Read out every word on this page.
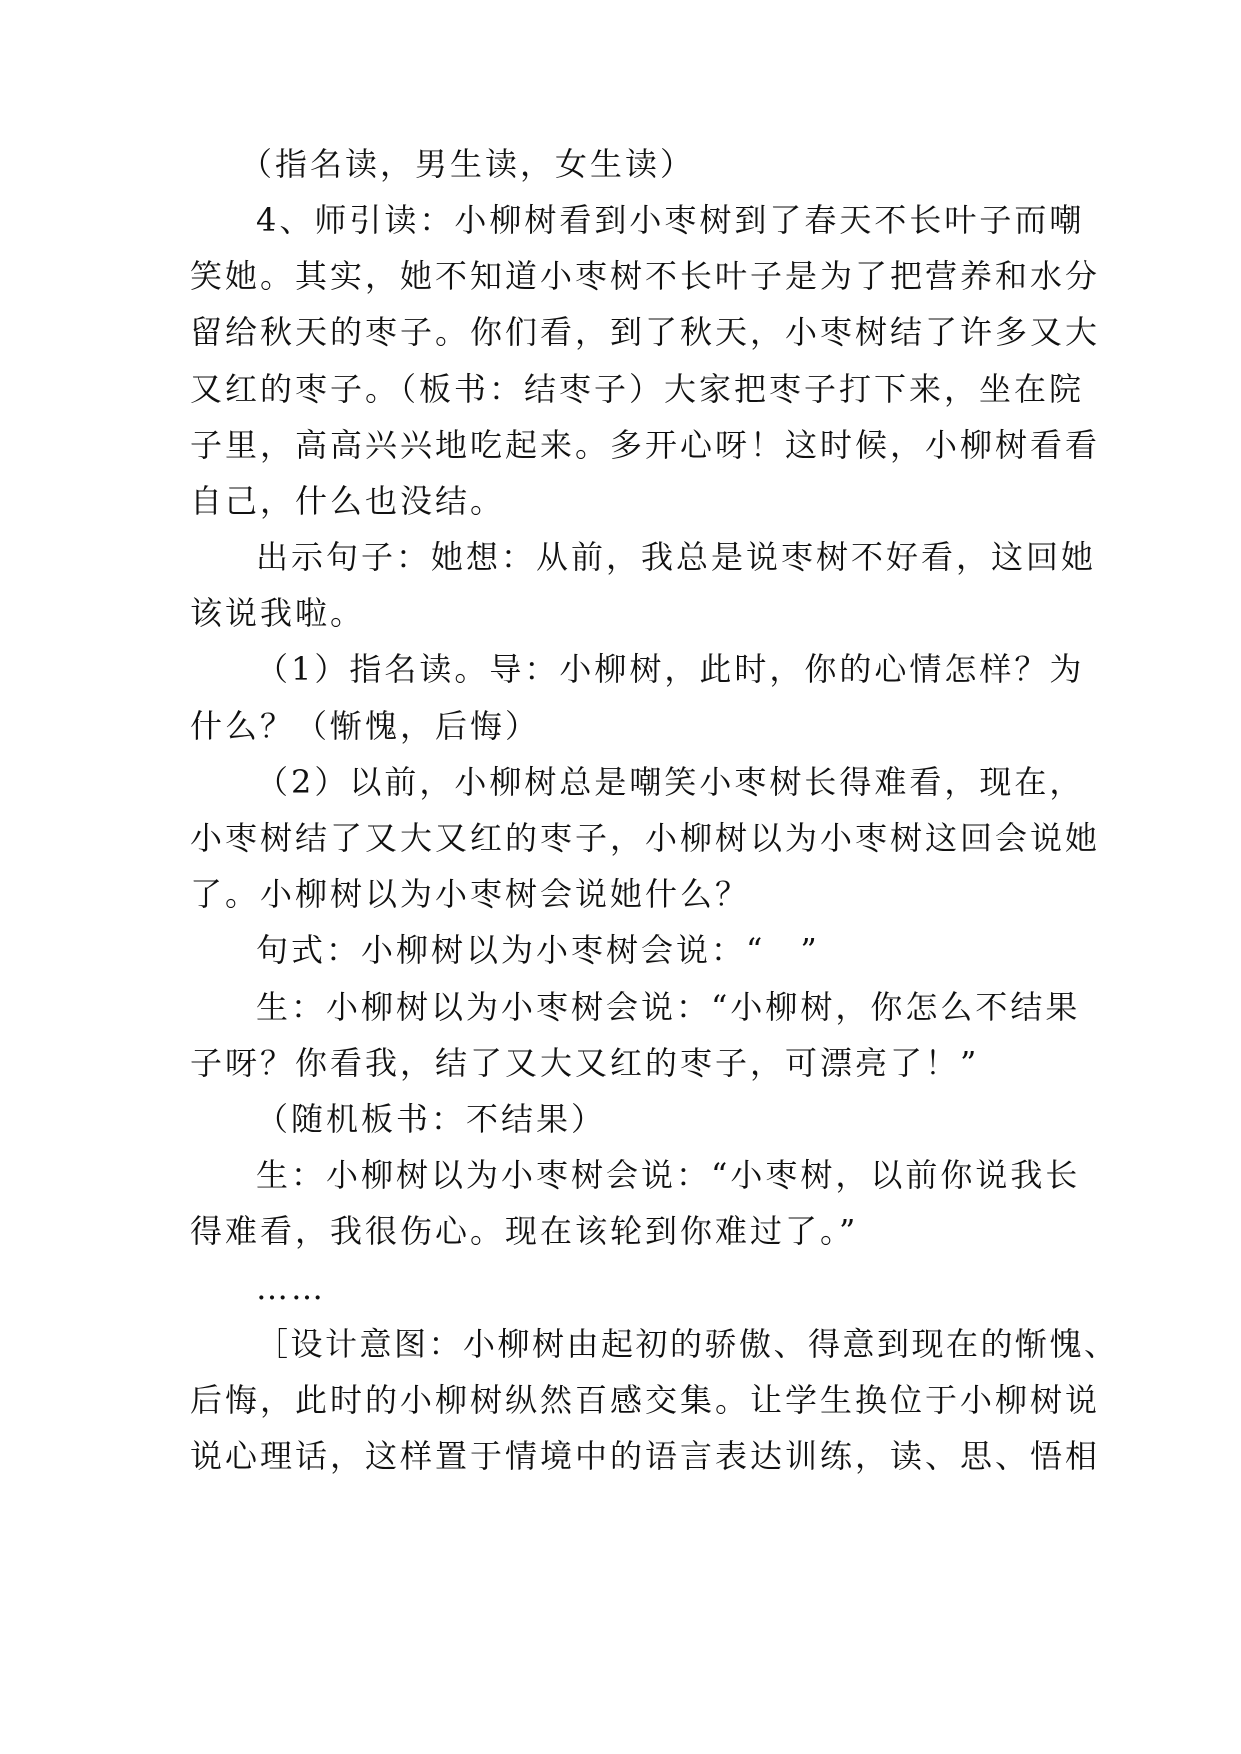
（指名读，男生读，女生读）

4、师引读：小柳树看到小枣树到了春天不长叶子而嘲

笑她。其实，她不知道小枣树不长叶子是为了把营养和水分

留给秋天的枣子。你们看，到了秋天，小枣树结了许多又大

又红的枣子。（板书：结枣子）大家把枣子打下来，坐在院

子里，高高兴兴地吃起来。多开心呀！这时候，小柳树看看

自己，什么也没结。

出示句子：她想：从前，我总是说枣树不好看，这回她

该说我啦。

（1）指名读。导：小柳树，此时，你的心情怎样？为

什么？（惭愧，后悔）

（2）以前，小柳树总是嘲笑小枣树长得难看，现在，

小枣树结了又大又红的枣子，小柳树以为小枣树这回会说她

了。小柳树以为小枣树会说她什么？

句式：小柳树以为小枣树会说：“　”

生：小柳树以为小枣树会说：“小柳树，你怎么不结果

子呀？你看我，结了又大又红的枣子，可漂亮了！”

（随机板书：不结果）

生：小柳树以为小枣树会说：“小枣树，以前你说我长

得难看，我很伤心。现在该轮到你难过了。”

……

［设计意图：小柳树由起初的骄傲、得意到现在的惭愧、

后悔，此时的小柳树纵然百感交集。让学生换位于小柳树说

说心理话，这样置于情境中的语言表达训练，读、思、悟相
